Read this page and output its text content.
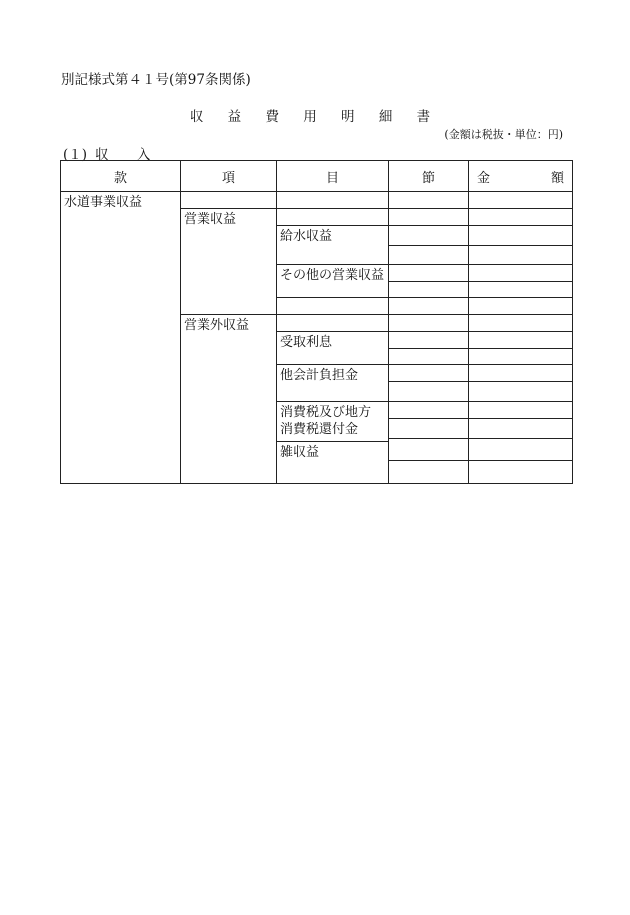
別記様式第４１号(第97条関係)
収 益 費 用 明 細 書
(金額は税抜・単位：円)
(１) 収 入
款	項	目	節	金 額

水道事業収益				

	営業収益			

		給水収益		

		その他の営業収益		

	営業外収益			

		受取利息		

		他会計負担金		

		消費税及び地方
消費税還付金		

		雑収益		
